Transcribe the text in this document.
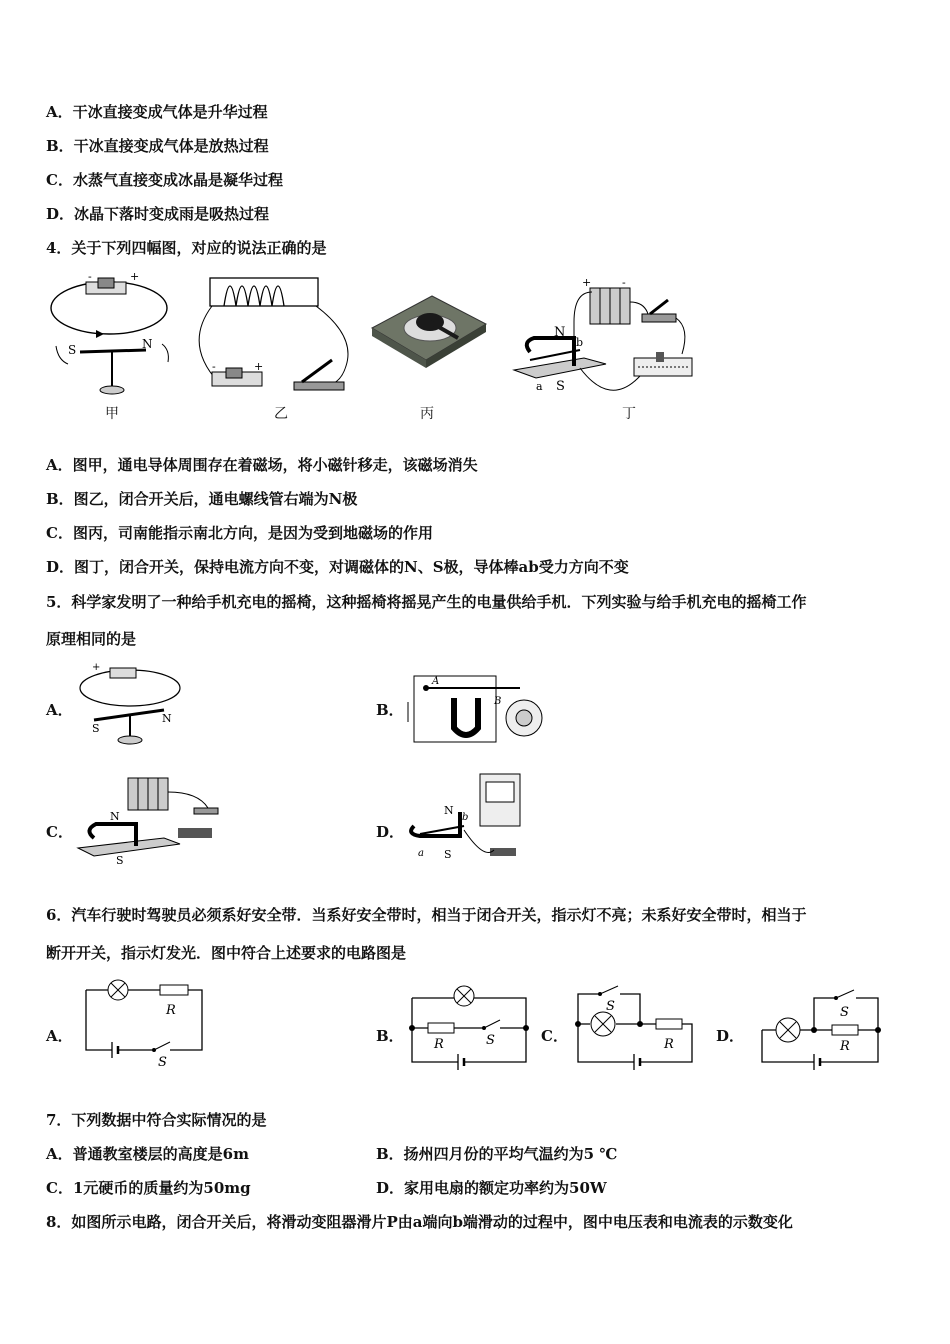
A．干冰直接变成气体是升华过程
B．干冰直接变成气体是放热过程
C．水蒸气直接变成冰晶是凝华过程
D．冰晶下落时变成雨是吸热过程
4．关于下列四幅图，对应的说法正确的是
-	+
S	N
甲
-	+
乙	丙
+	-
N
S
a
b
丁
A．图甲，通电导体周围存在着磁场，将小磁针移走，该磁场消失
B．图乙，闭合开关后，通电螺线管右端为N极
C．图丙，司南能指示南北方向，是因为受到地磁场的作用
D．图丁，闭合开关，保持电流方向不变，对调磁体的N、S极，导体棒ab受力方向不变
5．科学家发明了一种给手机充电的摇椅，这种摇椅将摇晃产生的电量供给手机．下列实验与给手机充电的摇椅工作
原理相同的是
A．
+
S
N	B．
A
B
C．
N
S
D．
N
S
a
b
6．汽车行驶时驾驶员必须系好安全带．当系好安全带时，相当于闭合开关，指示灯不亮；未系好安全带时，相当于
断开开关，指示灯发光．图中符合上述要求的电路图是
A．
R
S
B． R	S	C．
S
R	D．
S
R
7．下列数据中符合实际情况的是
A．普通教室楼层的高度是6m	B．扬州四月份的平均气温约为5 ℃
C．1元硬币的质量约为50mg	D．家用电扇的额定功率约为50W
8．如图所示电路，闭合开关后，将滑动变阻器滑片P由a端向b端滑动的过程中，图中电压表和电流表的示数变化
